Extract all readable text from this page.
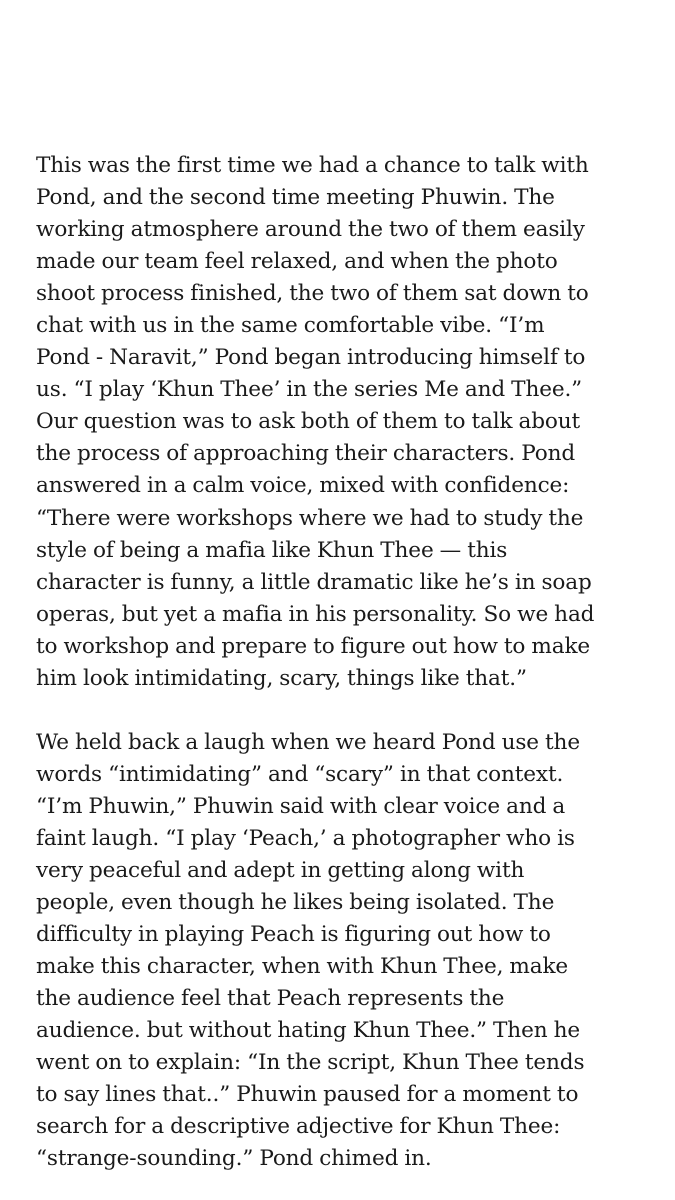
This was the first time we had a chance to talk with
Pond, and the second time meeting Phuwin. The
working atmosphere around the two of them easily
made our team feel relaxed, and when the photo
shoot process finished, the two of them sat down to
chat with us in the same comfortable vibe. “I’m
Pond - Naravit,” Pond began introducing himself to
us. “I play ‘Khun Thee’ in the series Me and Thee.”
Our question was to ask both of them to talk about
the process of approaching their characters. Pond
answered in a calm voice, mixed with confidence:
“There were workshops where we had to study the
style of being a mafia like Khun Thee — this
character is funny, a little dramatic like he’s in soap
operas, but yet a mafia in his personality. So we had
to workshop and prepare to figure out how to make
him look intimidating, scary, things like that.”
We held back a laugh when we heard Pond use the
words “intimidating” and “scary” in that context.
“I’m Phuwin,” Phuwin said with clear voice and a
faint laugh. “I play ‘Peach,’ a photographer who is
very peaceful and adept in getting along with
people, even though he likes being isolated. The
difficulty in playing Peach is figuring out how to
make this character, when with Khun Thee, make
the audience feel that Peach represents the
audience. but without hating Khun Thee.” Then he
went on to explain: “In the script, Khun Thee tends
to say lines that..” Phuwin paused for a moment to
search for a descriptive adjective for Khun Thee:
“strange-sounding.” Pond chimed in.
